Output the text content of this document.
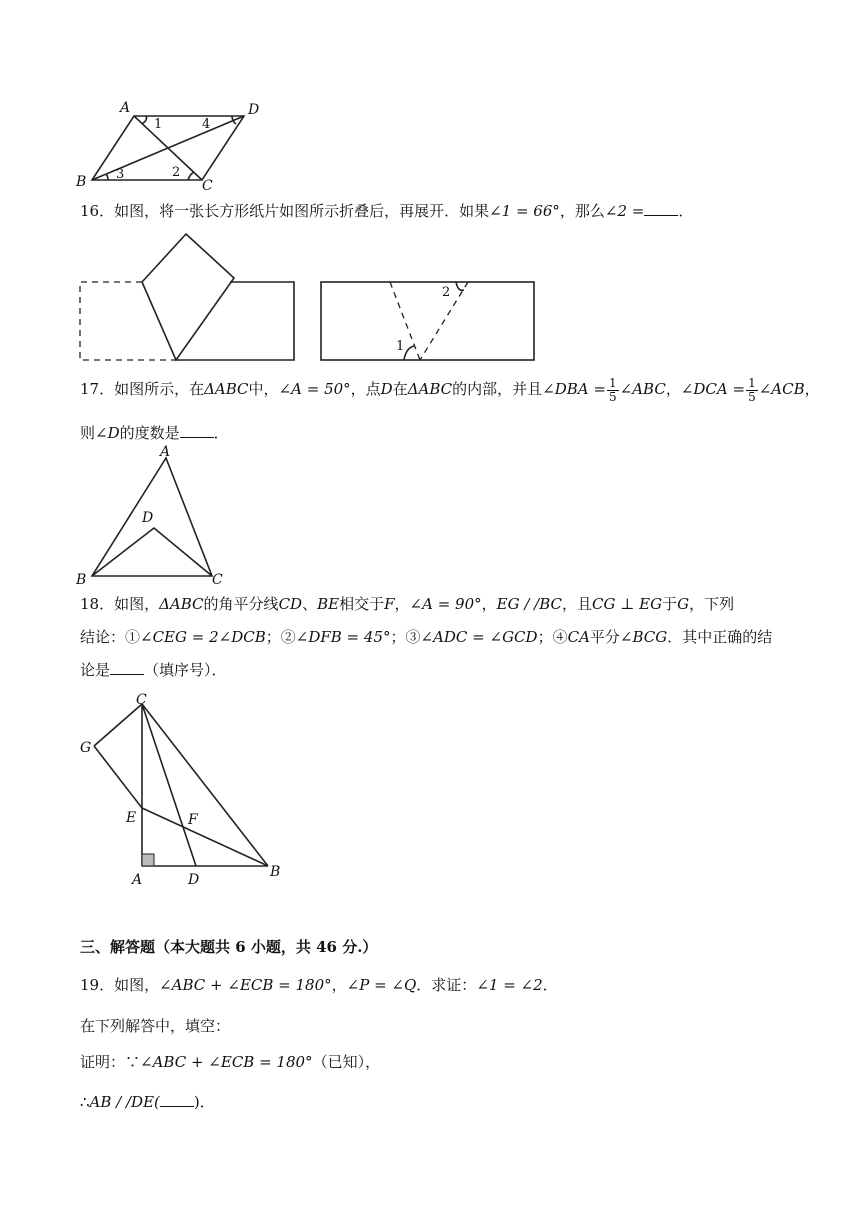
A	D
B	C
1	4
3	2
16．如图，将一张长方形纸片如图所示折叠后，再展开．如果∠1 = 66°，那么∠2 = ．
1
2
17．如图所示，在ΔABC中，∠A = 50°，点D在ΔABC的内部，并且∠DBA = $\frac{1}{5}$ ∠ABC，∠DCA = $\frac{1}{5}$ ∠ACB，
则∠D的度数是 ．
A
B	C
D
18．如图，ΔABC的角平分线CD、BE相交于F，∠A = 90°，EG / /BC，且CG ⊥ EG于G，下列
结论：①∠CEG = 2∠DCB；②∠DFB = 45°；③∠ADC = ∠GCD；④CA平分∠BCG．其中正确的结
论是 （填序号）．
C
G
E	F
A	D	B
三、解答题（本大题共 6 小题，共 46 分.）
19．如图，∠ABC + ∠ECB = 180°，∠P = ∠Q．求证：∠1 = ∠2．
在下列解答中，填空：
证明：∵∠ABC + ∠ECB = 180°（已知），
∴AB / /DE( )．
